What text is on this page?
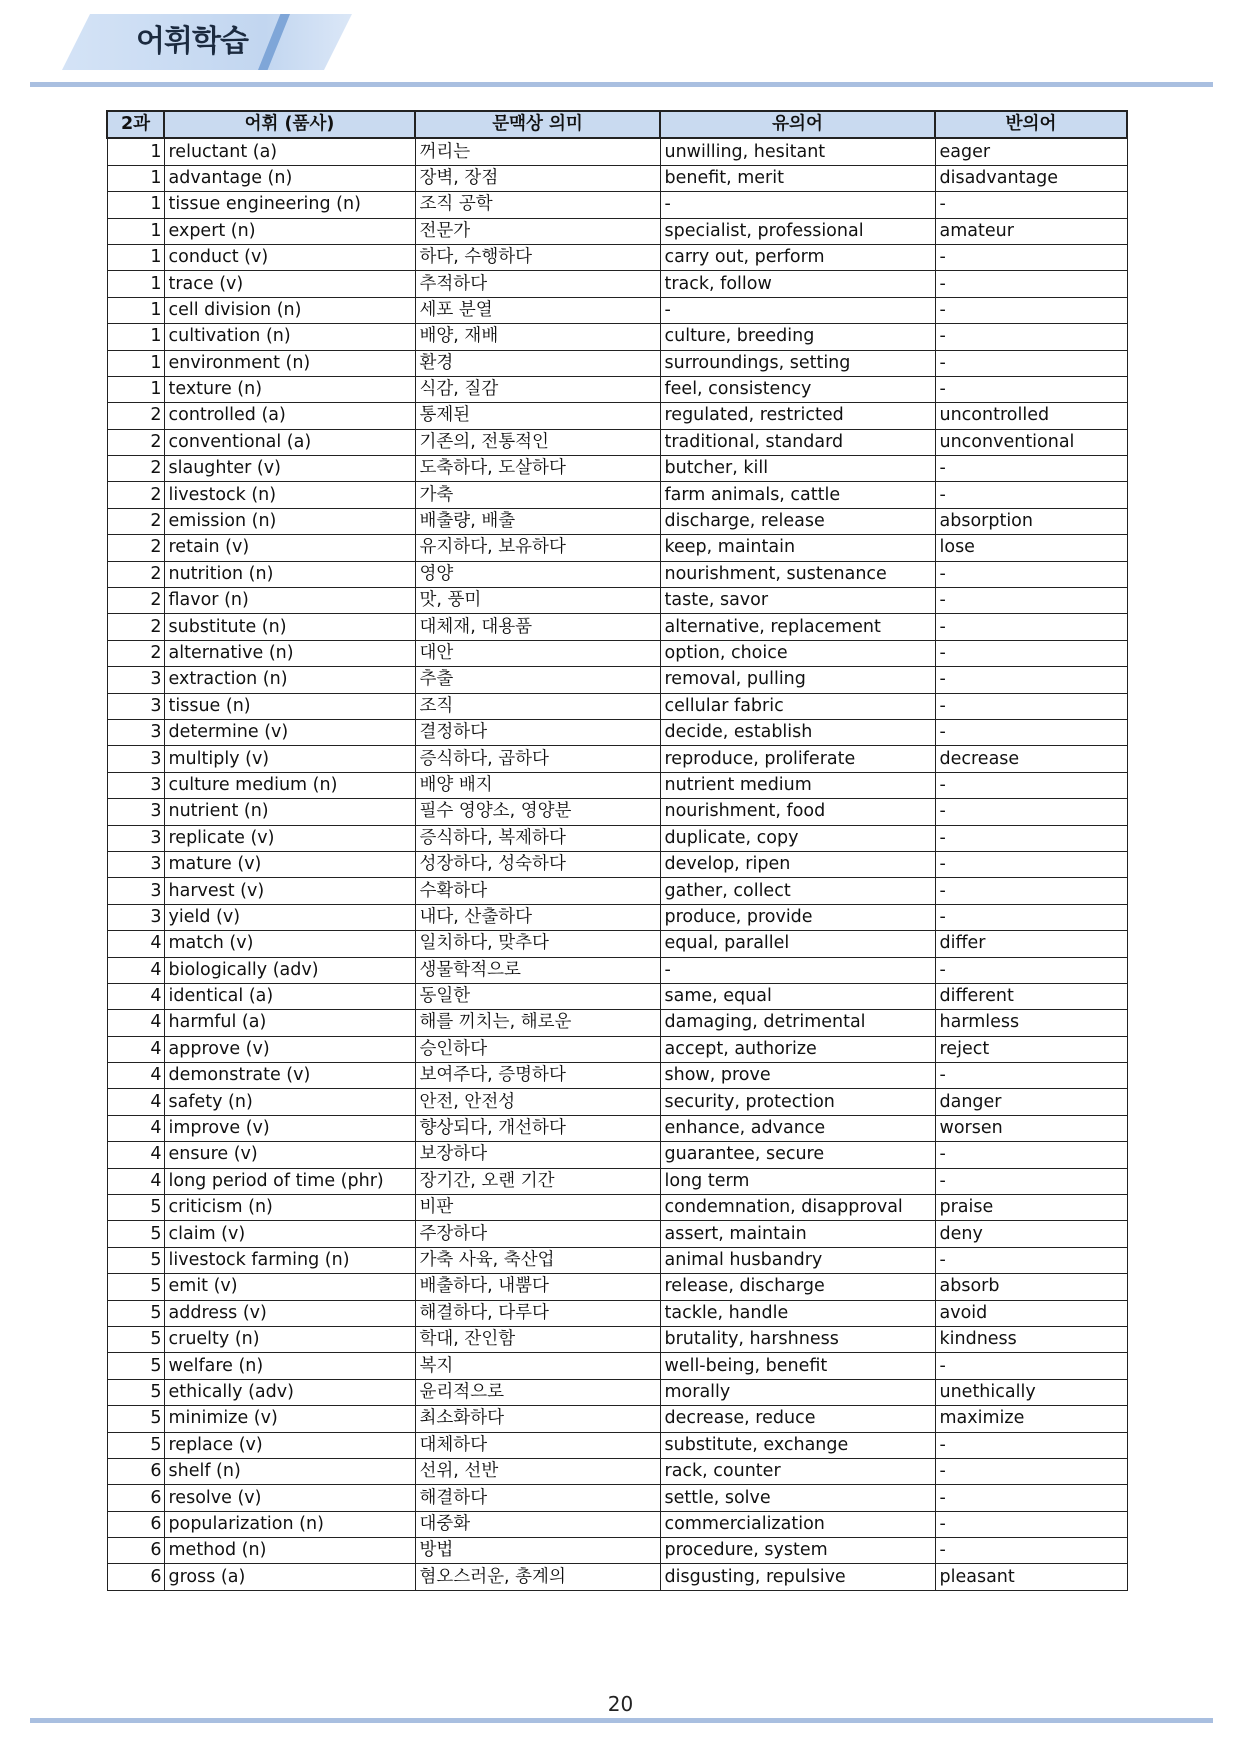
어휘학습
2과	어휘 (품사)	문맥상 의미	유의어	반의어
1	reluctant (a)	꺼리는	unwilling, hesitant	eager
1	advantage (n)	장벽, 장점	benefit, merit	disadvantage
1	tissue engineering (n)	조직 공학	-	-
1	expert (n)	전문가	specialist, professional	amateur
1	conduct (v)	하다, 수행하다	carry out, perform	-
1	trace (v)	추적하다	track, follow	-
1	cell division (n)	세포 분열	-	-
1	cultivation (n)	배양, 재배	culture, breeding	-
1	environment (n)	환경	surroundings, setting	-
1	texture (n)	식감, 질감	feel, consistency	-
2	controlled (a)	통제된	regulated, restricted	uncontrolled
2	conventional (a)	기존의, 전통적인	traditional, standard	unconventional
2	slaughter (v)	도축하다, 도살하다	butcher, kill	-
2	livestock (n)	가축	farm animals, cattle	-
2	emission (n)	배출량, 배출	discharge, release	absorption
2	retain (v)	유지하다, 보유하다	keep, maintain	lose
2	nutrition (n)	영양	nourishment, sustenance	-
2	flavor (n)	맛, 풍미	taste, savor	-
2	substitute (n)	대체재, 대용품	alternative, replacement	-
2	alternative (n)	대안	option, choice	-
3	extraction (n)	추출	removal, pulling	-
3	tissue (n)	조직	cellular fabric	-
3	determine (v)	결정하다	decide, establish	-
3	multiply (v)	증식하다, 곱하다	reproduce, proliferate	decrease
3	culture medium (n)	배양 배지	nutrient medium	-
3	nutrient (n)	필수 영양소, 영양분	nourishment, food	-
3	replicate (v)	증식하다, 복제하다	duplicate, copy	-
3	mature (v)	성장하다, 성숙하다	develop, ripen	-
3	harvest (v)	수확하다	gather, collect	-
3	yield (v)	내다, 산출하다	produce, provide	-
4	match (v)	일치하다, 맞추다	equal, parallel	differ
4	biologically (adv)	생물학적으로	-	-
4	identical (a)	동일한	same, equal	different
4	harmful (a)	해를 끼치는, 해로운	damaging, detrimental	harmless
4	approve (v)	승인하다	accept, authorize	reject
4	demonstrate (v)	보여주다, 증명하다	show, prove	-
4	safety (n)	안전, 안전성	security, protection	danger
4	improve (v)	향상되다, 개선하다	enhance, advance	worsen
4	ensure (v)	보장하다	guarantee, secure	-
4	long period of time (phr)	장기간, 오랜 기간	long term	-
5	criticism (n)	비판	condemnation, disapproval	praise
5	claim (v)	주장하다	assert, maintain	deny
5	livestock farming (n)	가축 사육, 축산업	animal husbandry	-
5	emit (v)	배출하다, 내뿜다	release, discharge	absorb
5	address (v)	해결하다, 다루다	tackle, handle	avoid
5	cruelty (n)	학대, 잔인함	brutality, harshness	kindness
5	welfare (n)	복지	well-being, benefit	-
5	ethically (adv)	윤리적으로	morally	unethically
5	minimize (v)	최소화하다	decrease, reduce	maximize
5	replace (v)	대체하다	substitute, exchange	-
6	shelf (n)	선위, 선반	rack, counter	-
6	resolve (v)	해결하다	settle, solve	-
6	popularization (n)	대중화	commercialization	-
6	method (n)	방법	procedure, system	-
6	gross (a)	혐오스러운, 총계의	disgusting, repulsive	pleasant
20
